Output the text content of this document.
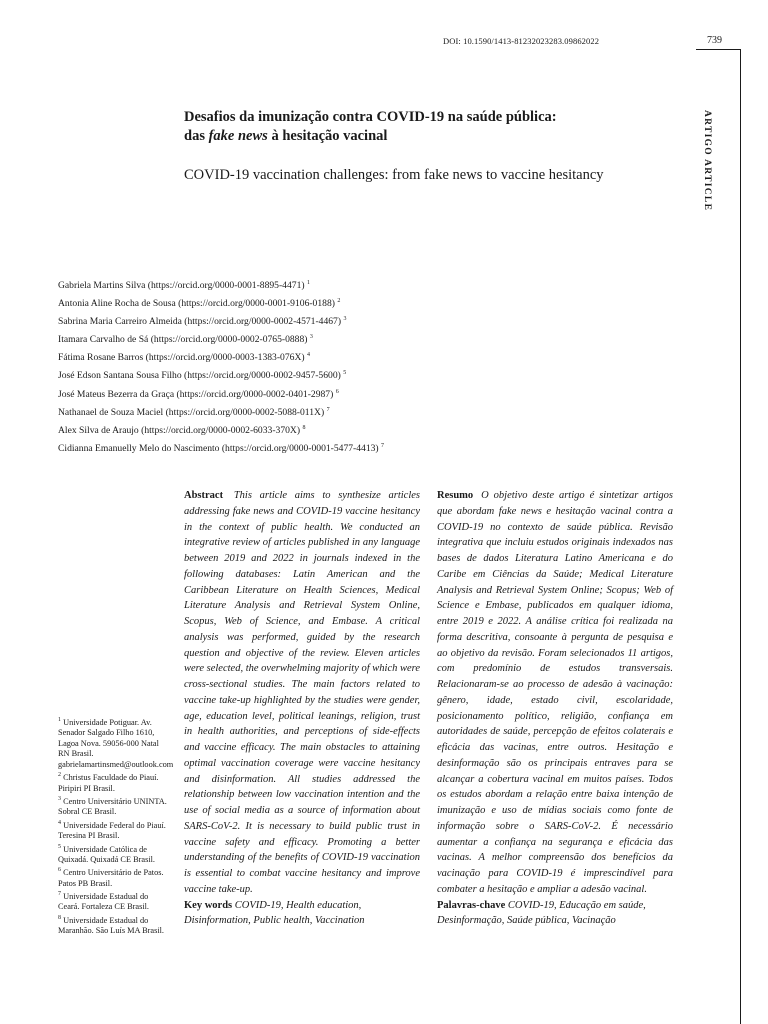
DOI: 10.1590/1413-81232023283.09862022	739
ARTIGO ARTICLE
Desafios da imunização contra COVID-19 na saúde pública:
das fake news à hesitação vacinal
COVID-19 vaccination challenges: from fake news to vaccine hesitancy
Gabriela Martins Silva (https://orcid.org/0000-0001-8895-4471) $^1$
Antonia Aline Rocha de Sousa (https://orcid.org/0000-0001-9106-0188) $^2$
Sabrina Maria Carreiro Almeida (https://orcid.org/0000-0002-4571-4467) $^3$
Itamara Carvalho de Sá (https://orcid.org/0000-0002-0765-0888) $^3$
Fátima Rosane Barros (https://orcid.org/0000-0003-1383-076X) $^4$
José Edson Santana Sousa Filho (https://orcid.org/0000-0002-9457-5600) $^5$
José Mateus Bezerra da Graça (https://orcid.org/0000-0002-0401-2987) $^6$
Nathanael de Souza Maciel (https://orcid.org/0000-0002-5088-011X) $^7$
Alex Silva de Araujo (https://orcid.org/0000-0002-6033-370X) $^8$
Cidianna Emanuelly Melo do Nascimento (https://orcid.org/0000-0001-5477-4413) $^7$

$^1$ Universidade Potiguar. Av. Senador Salgado Filho 1610, Lagoa Nova. 59056-000 Natal RN Brasil. gabrielamartinsmed@outlook.com

$^2$ Christus Faculdade do Piauí. Piripiri PI Brasil.

$^3$ Centro Universitário UNINTA. Sobral CE Brasil.

$^4$ Universidade Federal do Piauí. Teresina PI Brasil.

$^5$ Universidade Católica de Quixadá. Quixadá CE Brasil.

$^6$ Centro Universitário de Patos. Patos PB Brasil.

$^7$ Universidade Estadual do Ceará. Fortaleza CE Brasil.

$^8$ Universidade Estadual do Maranhão. São Luís MA Brasil.

Abstract This article aims to synthesize articles addressing fake news and COVID-19 vaccine hesitancy in the context of public health. We conducted an integrative review of articles published in any language between 2019 and 2022 in journals indexed in the following databases: Latin American and the Caribbean Literature on Health Sciences, Medical Literature Analysis and Retrieval System Online, Scopus, Web of Science, and Embase. A critical analysis was performed, guided by the research question and objective of the review. Eleven articles were selected, the overwhelming majority of which were cross-sectional studies. The main factors related to vaccine take-up highlighted by the studies were gender, age, education level, political leanings, religion, trust in health authorities, and perceptions of side-effects and vaccine efficacy. The main obstacles to attaining optimal vaccination coverage were vaccine hesitancy and disinformation. All studies addressed the relationship between low vaccination intention and the use of social media as a source of information about SARS-CoV-2. It is necessary to build public trust in vaccine safety and efficacy. Promoting a better understanding of the benefits of COVID-19 vaccination is essential to combat vaccine hesitancy and improve vaccine take-up.

Key words COVID-19, Health education, Disinformation, Public health, Vaccination

Resumo O objetivo deste artigo é sintetizar artigos que abordam fake news e hesitação vacinal contra a COVID-19 no contexto de saúde pública. Revisão integrativa que incluiu estudos originais indexados nas bases de dados Literatura Latino Americana e do Caribe em Ciências da Saúde; Medical Literature Analysis and Retrieval System Online; Scopus; Web of Science e Embase, publicados em qualquer idioma, entre 2019 e 2022. A análise crítica foi realizada na forma descritiva, consoante à pergunta de pesquisa e ao objetivo da revisão. Foram selecionados 11 artigos, com predomínio de estudos transversais. Relacionaram-se ao processo de adesão à vacinação: gênero, idade, estado civil, escolaridade, posicionamento político, religião, confiança em autoridades de saúde, percepção de efeitos colaterais e eficácia das vacinas, entre outros. Hesitação e desinformação são os principais entraves para se alcançar a cobertura vacinal em muitos países. Todos os estudos abordam a relação entre baixa intenção de imunização e uso de mídias sociais como fonte de informação sobre o SARS-CoV-2. É necessário aumentar a confiança na segurança e eficácia das vacinas. A melhor compreensão dos benefícios da vacinação para COVID-19 é imprescindível para combater a hesitação e ampliar a adesão vacinal.

Palavras-chave COVID-19, Educação em saúde, Desinformação, Saúde pública, Vacinação
